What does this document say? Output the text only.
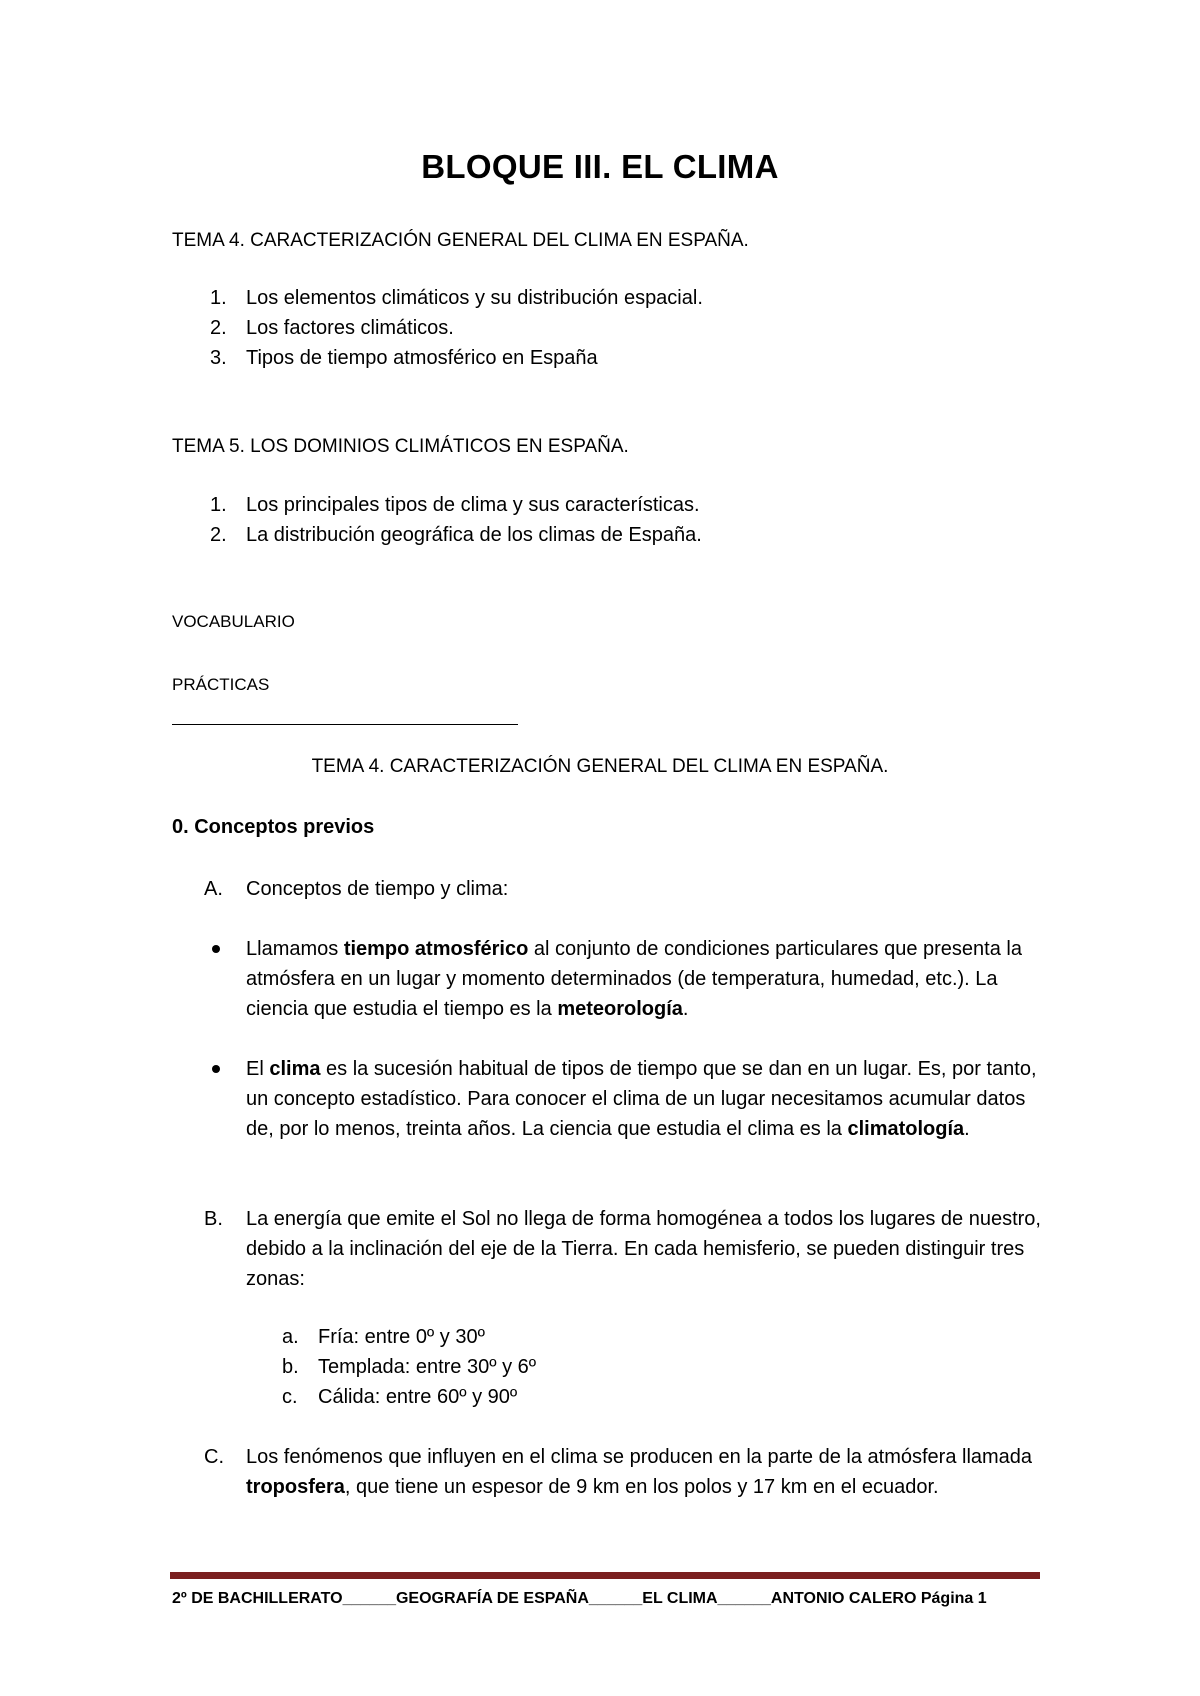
BLOQUE III. EL CLIMA
TEMA 4. CARACTERIZACIÓN GENERAL DEL CLIMA EN ESPAÑA.
1. Los elementos climáticos y su distribución espacial.
2. Los factores climáticos.
3. Tipos de tiempo atmosférico en España
TEMA 5. LOS DOMINIOS CLIMÁTICOS EN ESPAÑA.
1. Los principales tipos de clima y sus características.
2. La distribución geográfica de los climas de España.
VOCABULARIO
PRÁCTICAS
TEMA 4. CARACTERIZACIÓN GENERAL DEL CLIMA EN ESPAÑA.
0. Conceptos previos
A.	Conceptos de tiempo y clima:
Llamamos tiempo atmosférico al conjunto de condiciones particulares que presenta la atmósfera en un lugar y momento determinados (de temperatura, humedad, etc.). La ciencia que estudia el tiempo es la meteorología.
El clima es la sucesión habitual de tipos de tiempo que se dan en un lugar. Es, por tanto, un concepto estadístico. Para conocer el clima de un lugar necesitamos acumular datos de, por lo menos, treinta años. La ciencia que estudia el clima es la climatología.
B.	La energía que emite el Sol no llega de forma homogénea a todos los lugares de nuestro, debido a la inclinación del eje de la Tierra. En cada hemisferio, se pueden distinguir tres zonas:
a. Fría: entre 0º y 30º
b. Templada: entre 30º y 6º
c. Cálida: entre 60º y 90º
C.	Los fenómenos que influyen en el clima se producen en la parte de la atmósfera llamada troposfera, que tiene un espesor de 9 km en los polos y 17 km en el ecuador.
2º DE BACHILLERATO______GEOGRAFÍA DE ESPAÑA______EL CLIMA______ANTONIO CALERO Página 1
